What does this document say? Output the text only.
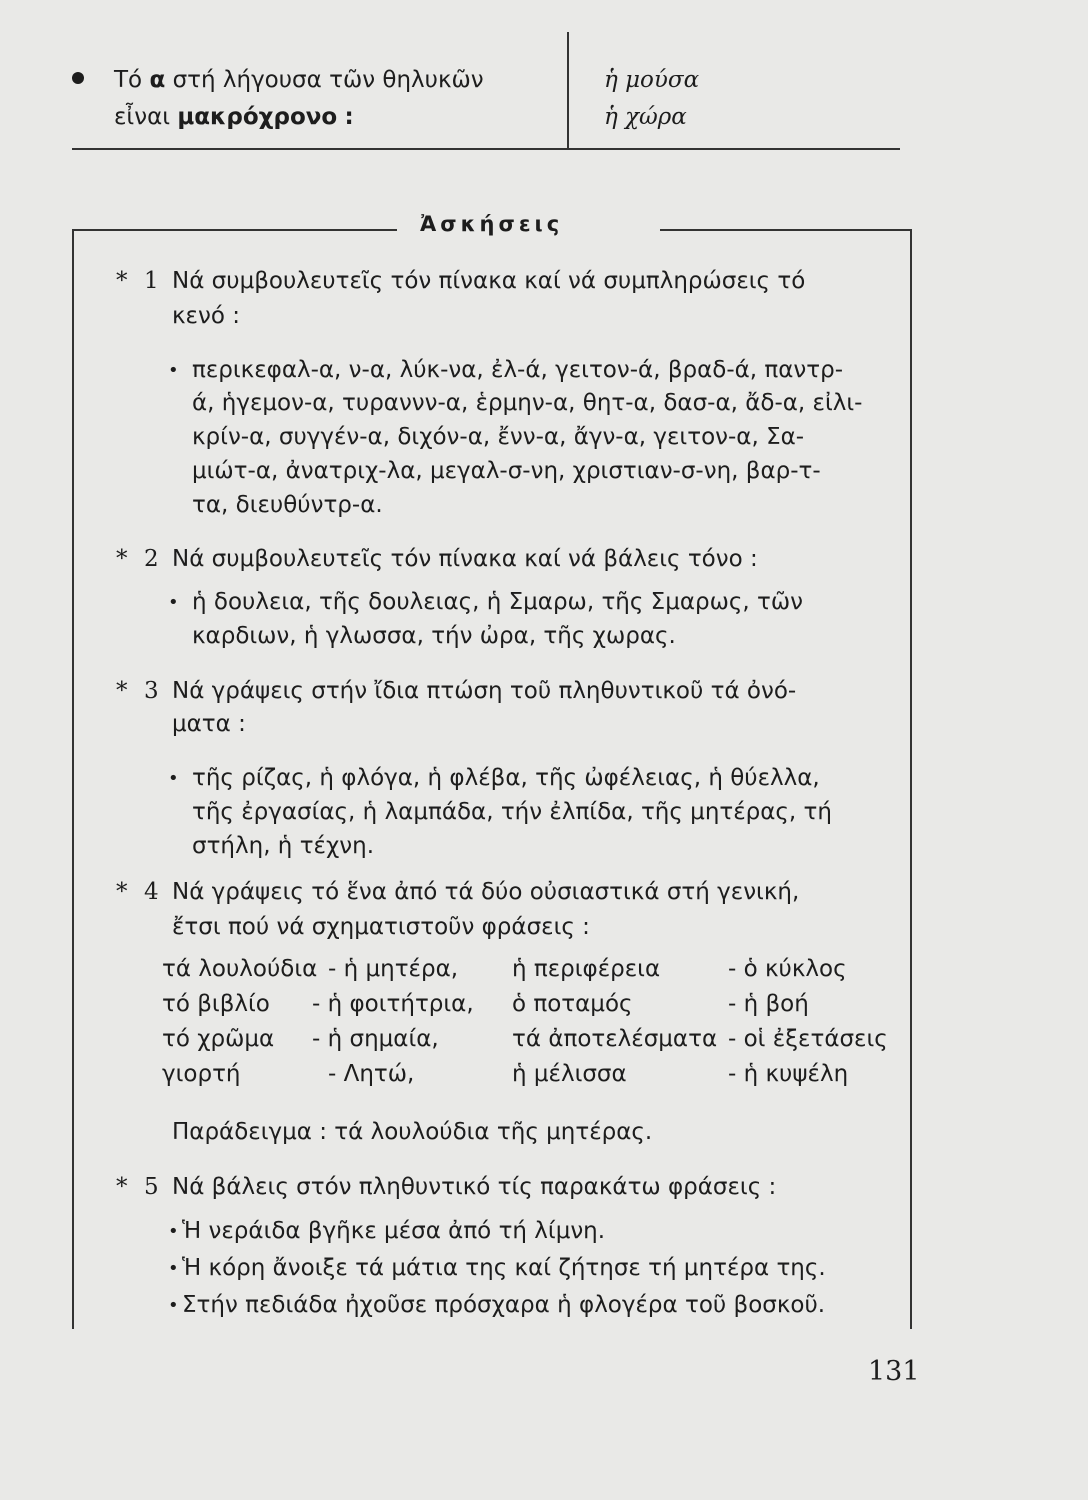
Τό α στή λήγουσα τῶν θηλυκῶν
εἶναι μακρόχρονο :
ἡ μούσα
ἡ χώρα
Ἀσκήσεις
* 1 Νά συμβουλευτεῖς τόν πίνακα καί νά συμπληρώσεις τό
κενό :
• περικεφαλ-α, ν-α, λύκ-να, ἐλ-ά, γειτον-ά, βραδ-ά, παντρ-
ά, ἡγεμον-α, τυραννν-α, ἑρμην-α, θητ-α, δασ-α, ἄδ-α, εἰλι-
κρίν-α, συγγέν-α, διχόν-α, ἔνν-α, ἄγν-α, γειτον-α, Σα-
μιώτ-α, ἀνατριχ-λα, μεγαλ-σ-νη, χριστιαν-σ-νη, βαρ-τ-
τα, διευθύντρ-α.
* 2 Νά συμβουλευτεῖς τόν πίνακα καί νά βάλεις τόνο :
• ἡ δουλεια, τῆς δουλειας, ἡ Σμαρω, τῆς Σμαρως, τῶν
καρδιων, ἡ γλωσσα, τήν ὠρα, τῆς χωρας.
* 3 Νά γράψεις στήν ἴδια πτώση τοῦ πληθυντικοῦ τά ὀνό-
ματα :
• τῆς ρίζας, ἡ φλόγα, ἡ φλέβα, τῆς ὠφέλειας, ἡ θύελλα,
τῆς ἐργασίας, ἡ λαμπάδα, τήν ἐλπίδα, τῆς μητέρας, τή
στήλη, ἡ τέχνη.
* 4 Νά γράψεις τό ἕνα ἀπό τά δύο οὐσιαστικά στή γενική,
ἔτσι πού νά σχηματιστοῦν φράσεις :
τά λουλούδια - ἡ μητέρα, ἡ περιφέρεια	- ὁ κύκλος
τό βιβλίο - ἡ φοιτήτρια, ὁ ποταμός	- ἡ βοή
τό χρῶμα - ἡ σημαία,	τά ἀποτελέσματα - οἱ ἐξετάσεις
γιορτή	- Λητώ,	ἡ μέλισσα	- ἡ κυψέλη
Παράδειγμα : τά λουλούδια τῆς μητέρας.
* 5 Νά βάλεις στόν πληθυντικό τίς παρακάτω φράσεις :
• Ἡ νεράιδα βγῆκε μέσα ἀπό τή λίμνη.
• Ἡ κόρη ἄνοιξε τά μάτια της καί ζήτησε τή μητέρα της.
• Στήν πεδιάδα ἠχοῦσε πρόσχαρα ἡ φλογέρα τοῦ βοσκοῦ.
131
